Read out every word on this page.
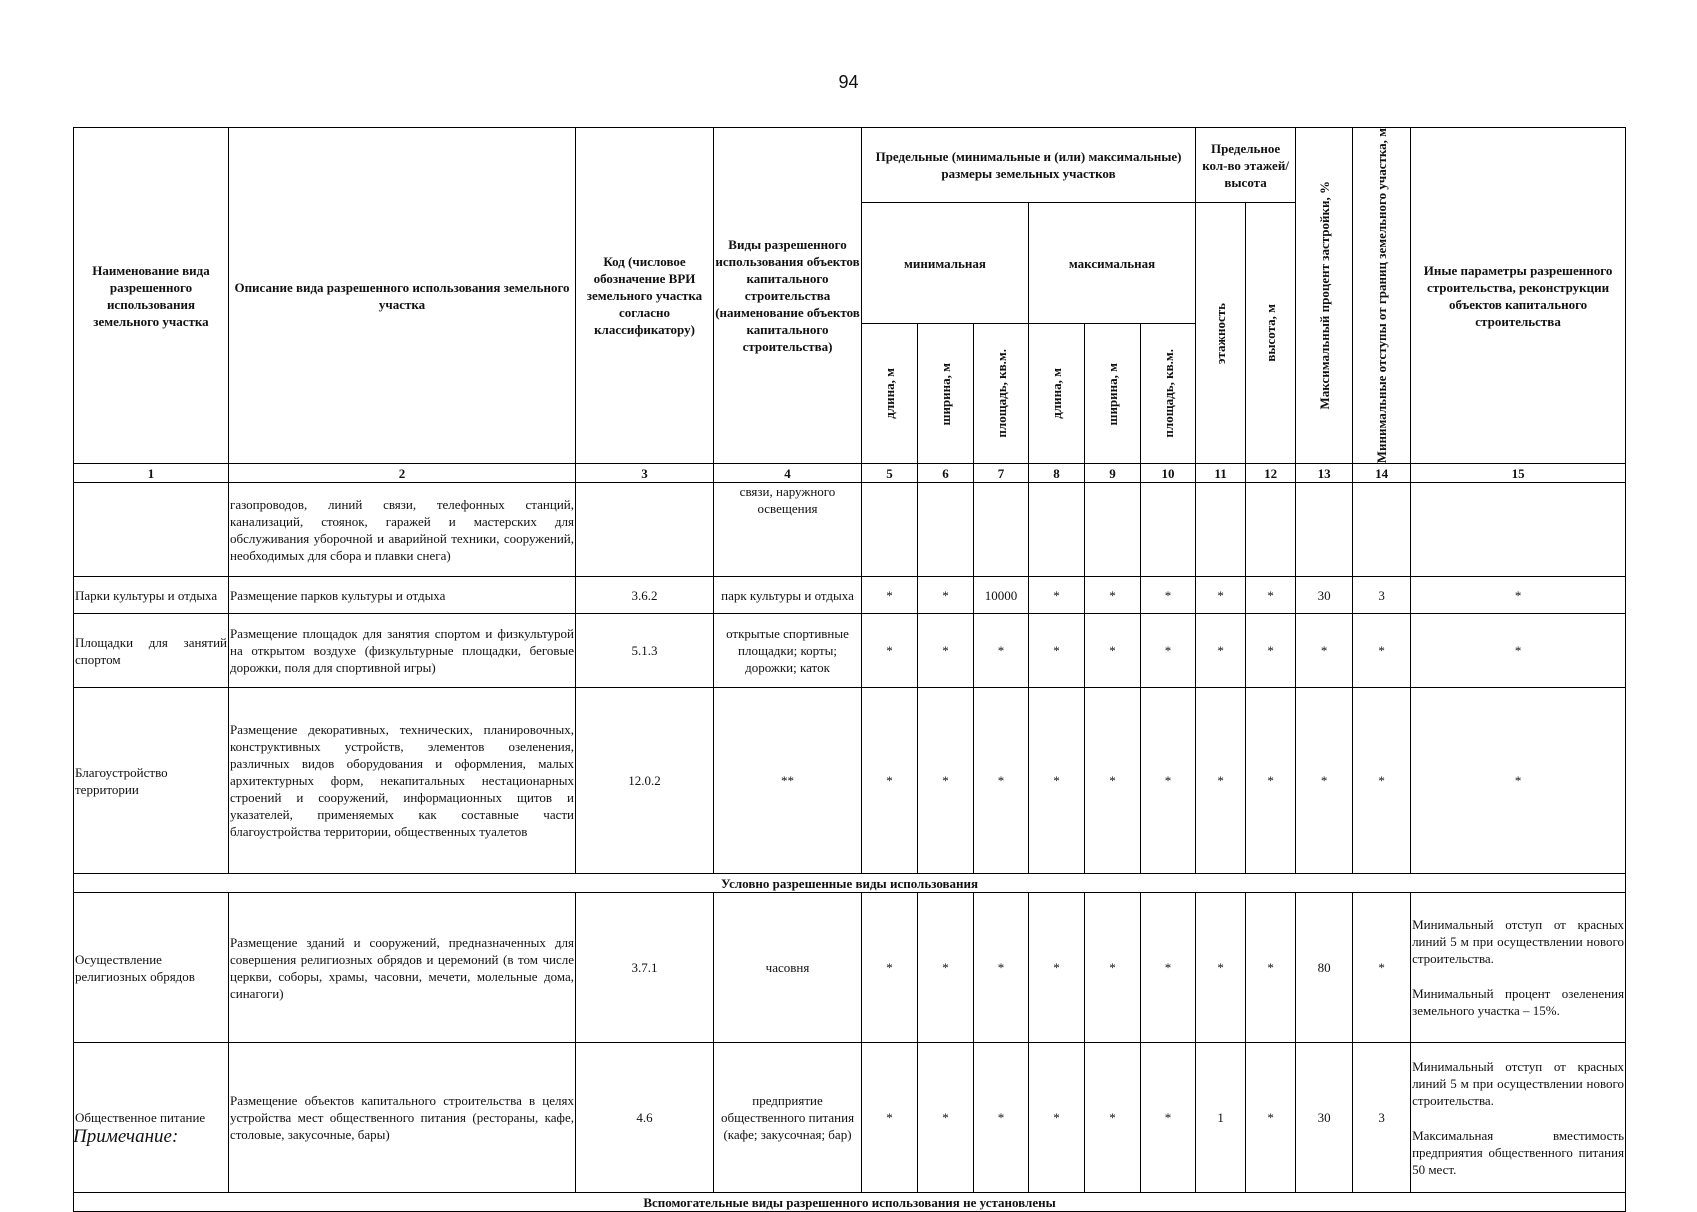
94
Наименование вида разрешенного использования земельного участка	Описание вида разрешенного использования земельного участка	Код (числовое обозначение ВРИ земельного участка согласно классификатору)	Виды разрешенного использования объектов капитального строительства (наименование объектов капитального строительства)	Предельные (минимальные и (или) максимальные) размеры земельных участков						Предельное кол-во этажей/ высота		Максимальный процент застройки, %	Минимальные отступы от границ земельного участка, м	Иные параметры разрешенного строительства, реконструкции объектов капитального строительства
				минимальная			максимальная			этажность	высота, м			

				длина, м	ширина, м	площадь, кв.м.	длина, м	ширина, м	площадь, кв.м.					

1	2	3	4	5	6	7	8	9	10	11	12	13	14	15
	газопроводов, линий связи, телефонных станций, канализаций, стоянок, гаражей и мастерских для обслуживания уборочной и аварийной техники, сооружений, необходимых для сбора и плавки снега)		связи, наружного освещения											
Парки культуры и отдыха	Размещение парков культуры и отдыха	3.6.2	парк культуры и отдыха	*	*	10000	*	*	*	*	*	30	3	*
Площадки для занятий спортом	Размещение площадок для занятия спортом и физкультурой на открытом воздухе (физкультурные площадки, беговые дорожки, поля для спортивной игры)	5.1.3	открытые спортивные площадки; корты; дорожки; каток	*	*	*	*	*	*	*	*	*	*	*
Благоустройство территории	Размещение декоративных, технических, планировочных, конструктивных устройств, элементов озеленения, различных видов оборудования и оформления, малых архитектурных форм, некапитальных нестационарных строений и сооружений, информационных щитов и указателей, применяемых как составные части благоустройства территории, общественных туалетов	12.0.2	**	*	*	*	*	*	*	*	*	*	*	*
Условно разрешенные виды использования														
Осуществление религиозных обрядов	Размещение зданий и сооружений, предназначенных для совершения религиозных обрядов и церемоний (в том числе церкви, соборы, храмы, часовни, мечети, молельные дома, синагоги)	3.7.1	часовня	*	*	*	*	*	*	*	*	80	*	Минимальный отступ от красных линий 5 м при осуществлении нового строительства.

Минимальный процент озеленения земельного участка – 15%.

Общественное питание	Размещение объектов капитального строительства в целях устройства мест общественного питания (рестораны, кафе, столовые, закусочные, бары)	4.6	предприятие общественного питания (кафе; закусочная; бар)	*	*	*	*	*	*	1	*	30	3	Минимальный отступ от красных линий 5 м при осуществлении нового строительства.

Максимальная вместимость предприятия общественного питания 50 мест.

Вспомогательные виды разрешенного использования не установлены														
Примечание:
